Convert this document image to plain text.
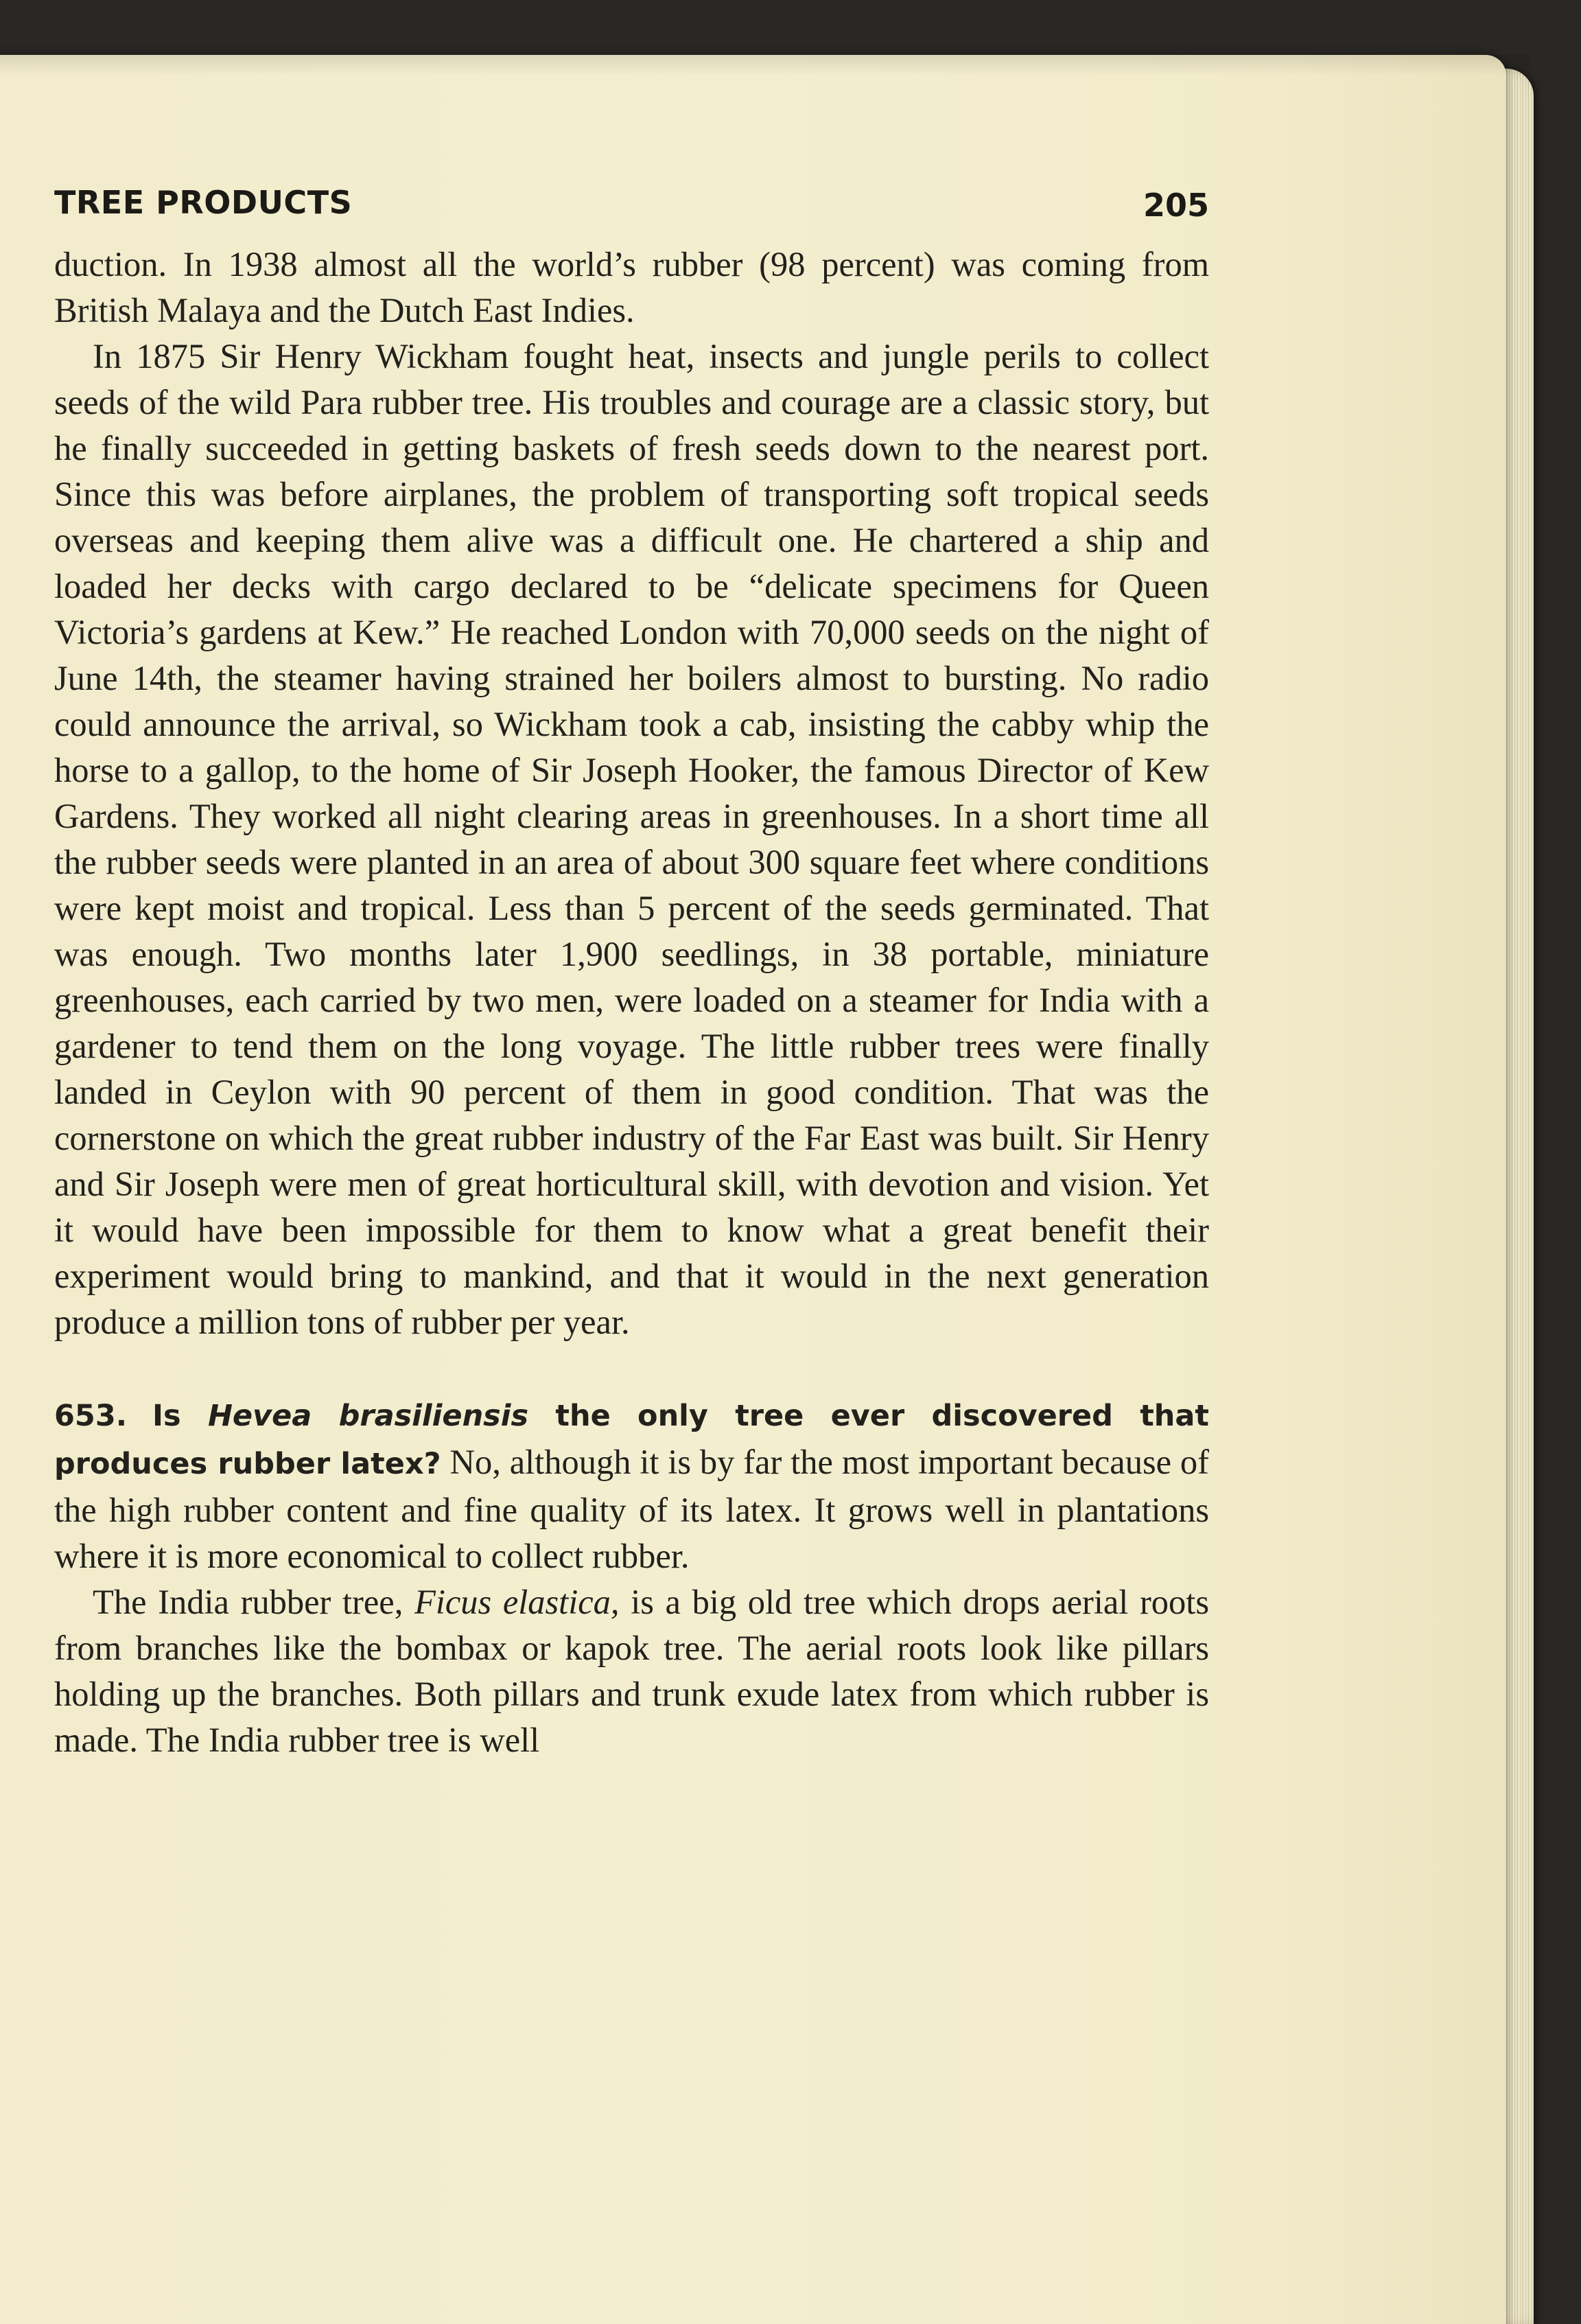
TREE PRODUCTS	205

duction. In 1938 almost all the world’s rubber (98 percent) was coming from British Malaya and the Dutch East Indies.

In 1875 Sir Henry Wickham fought heat, insects and jungle perils to collect seeds of the wild Para rubber tree. His troubles and courage are a classic story, but he finally succeeded in getting baskets of fresh seeds down to the nearest port. Since this was before airplanes, the problem of transporting soft tropical seeds overseas and keeping them alive was a difficult one. He chartered a ship and loaded her decks with cargo declared to be “delicate specimens for Queen Victoria’s gardens at Kew.” He reached London with 70,000 seeds on the night of June 14th, the steamer having strained her boilers almost to bursting. No radio could announce the arrival, so Wickham took a cab, insisting the cabby whip the horse to a gallop, to the home of Sir Joseph Hooker, the famous Director of Kew Gardens. They worked all night clearing areas in greenhouses. In a short time all the rubber seeds were planted in an area of about 300 square feet where conditions were kept moist and tropical. Less than 5 percent of the seeds germinated. That was enough. Two months later 1,900 seedlings, in 38 portable, miniature greenhouses, each carried by two men, were loaded on a steamer for India with a gardener to tend them on the long voyage. The little rubber trees were finally landed in Ceylon with 90 percent of them in good condition. That was the cornerstone on which the great rubber industry of the Far East was built. Sir Henry and Sir Joseph were men of great horticultural skill, with devotion and vision. Yet it would have been impossible for them to know what a great benefit their experiment would bring to mankind, and that it would in the next generation produce a million tons of rubber per year.

653. Is Hevea brasiliensis the only tree ever discovered that produces rubber latex? No, although it is by far the most important because of the high rubber content and fine quality of its latex. It grows well in plantations where it is more economical to collect rubber.

The India rubber tree, Ficus elastica, is a big old tree which drops aerial roots from branches like the bombax or kapok tree. The aerial roots look like pillars holding up the branches. Both pillars and trunk exude latex from which rubber is made. The India rubber tree is well
